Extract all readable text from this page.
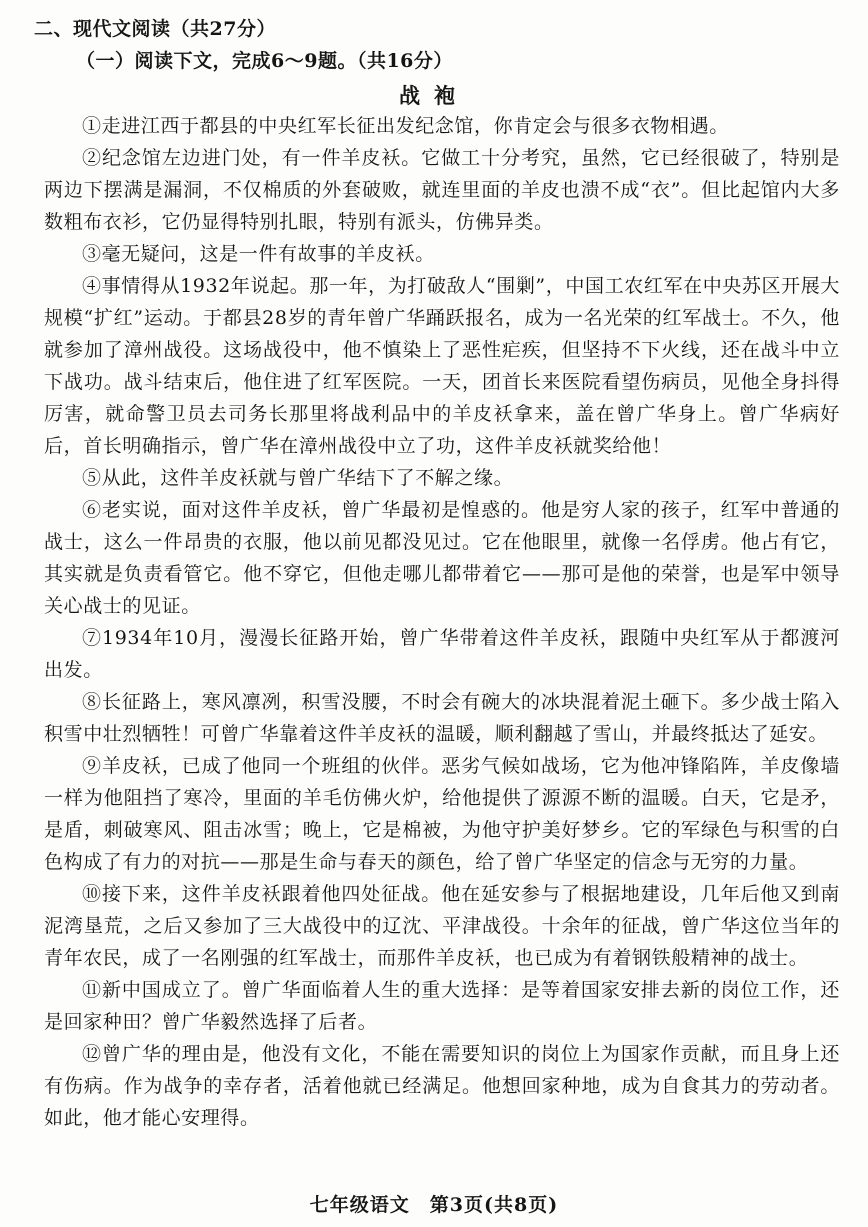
二、现代文阅读（共27分）
（一）阅读下文，完成6～9题。（共16分）
战袍

①走进江西于都县的中央红军长征出发纪念馆，你肯定会与很多衣物相遇。

②纪念馆左边进门处，有一件羊皮袄。它做工十分考究，虽然，它已经很破了，特别是两边下摆满是漏洞，不仅棉质的外套破败，就连里面的羊皮也溃不成“衣”。但比起馆内大多数粗布衣衫，它仍显得特别扎眼，特别有派头，仿佛异类。

③毫无疑问，这是一件有故事的羊皮袄。

④事情得从1932年说起。那一年，为打破敌人“围剿”，中国工农红军在中央苏区开展大规模“扩红”运动。于都县28岁的青年曾广华踊跃报名，成为一名光荣的红军战士。不久，他就参加了漳州战役。这场战役中，他不慎染上了恶性疟疾，但坚持不下火线，还在战斗中立下战功。战斗结束后，他住进了红军医院。一天，团首长来医院看望伤病员，见他全身抖得厉害，就命警卫员去司务长那里将战利品中的羊皮袄拿来，盖在曾广华身上。曾广华病好后，首长明确指示，曾广华在漳州战役中立了功，这件羊皮袄就奖给他！

⑤从此，这件羊皮袄就与曾广华结下了不解之缘。

⑥老实说，面对这件羊皮袄，曾广华最初是惶惑的。他是穷人家的孩子，红军中普通的战士，这么一件昂贵的衣服，他以前见都没见过。它在他眼里，就像一名俘虏。他占有它，其实就是负责看管它。他不穿它，但他走哪儿都带着它——那可是他的荣誉，也是军中领导关心战士的见证。

⑦1934年10月，漫漫长征路开始，曾广华带着这件羊皮袄，跟随中央红军从于都渡河出发。

⑧长征路上，寒风凛冽，积雪没腰，不时会有碗大的冰块混着泥土砸下。多少战士陷入积雪中壮烈牺牲！可曾广华靠着这件羊皮袄的温暖，顺利翻越了雪山，并最终抵达了延安。

⑨羊皮袄，已成了他同一个班组的伙伴。恶劣气候如战场，它为他冲锋陷阵，羊皮像墙一样为他阻挡了寒冷，里面的羊毛仿佛火炉，给他提供了源源不断的温暖。白天，它是矛，是盾，刺破寒风、阻击冰雪；晚上，它是棉被，为他守护美好梦乡。它的军绿色与积雪的白色构成了有力的对抗——那是生命与春天的颜色，给了曾广华坚定的信念与无穷的力量。

⑩接下来，这件羊皮袄跟着他四处征战。他在延安参与了根据地建设，几年后他又到南泥湾垦荒，之后又参加了三大战役中的辽沈、平津战役。十余年的征战，曾广华这位当年的青年农民，成了一名刚强的红军战士，而那件羊皮袄，也已成为有着钢铁般精神的战士。

⑪新中国成立了。曾广华面临着人生的重大选择：是等着国家安排去新的岗位工作，还是回家种田？曾广华毅然选择了后者。

⑫曾广华的理由是，他没有文化，不能在需要知识的岗位上为国家作贡献，而且身上还有伤病。作为战争的幸存者，活着他就已经满足。他想回家种地，成为自食其力的劳动者。如此，他才能心安理得。

七年级语文　第3页(共8页)
